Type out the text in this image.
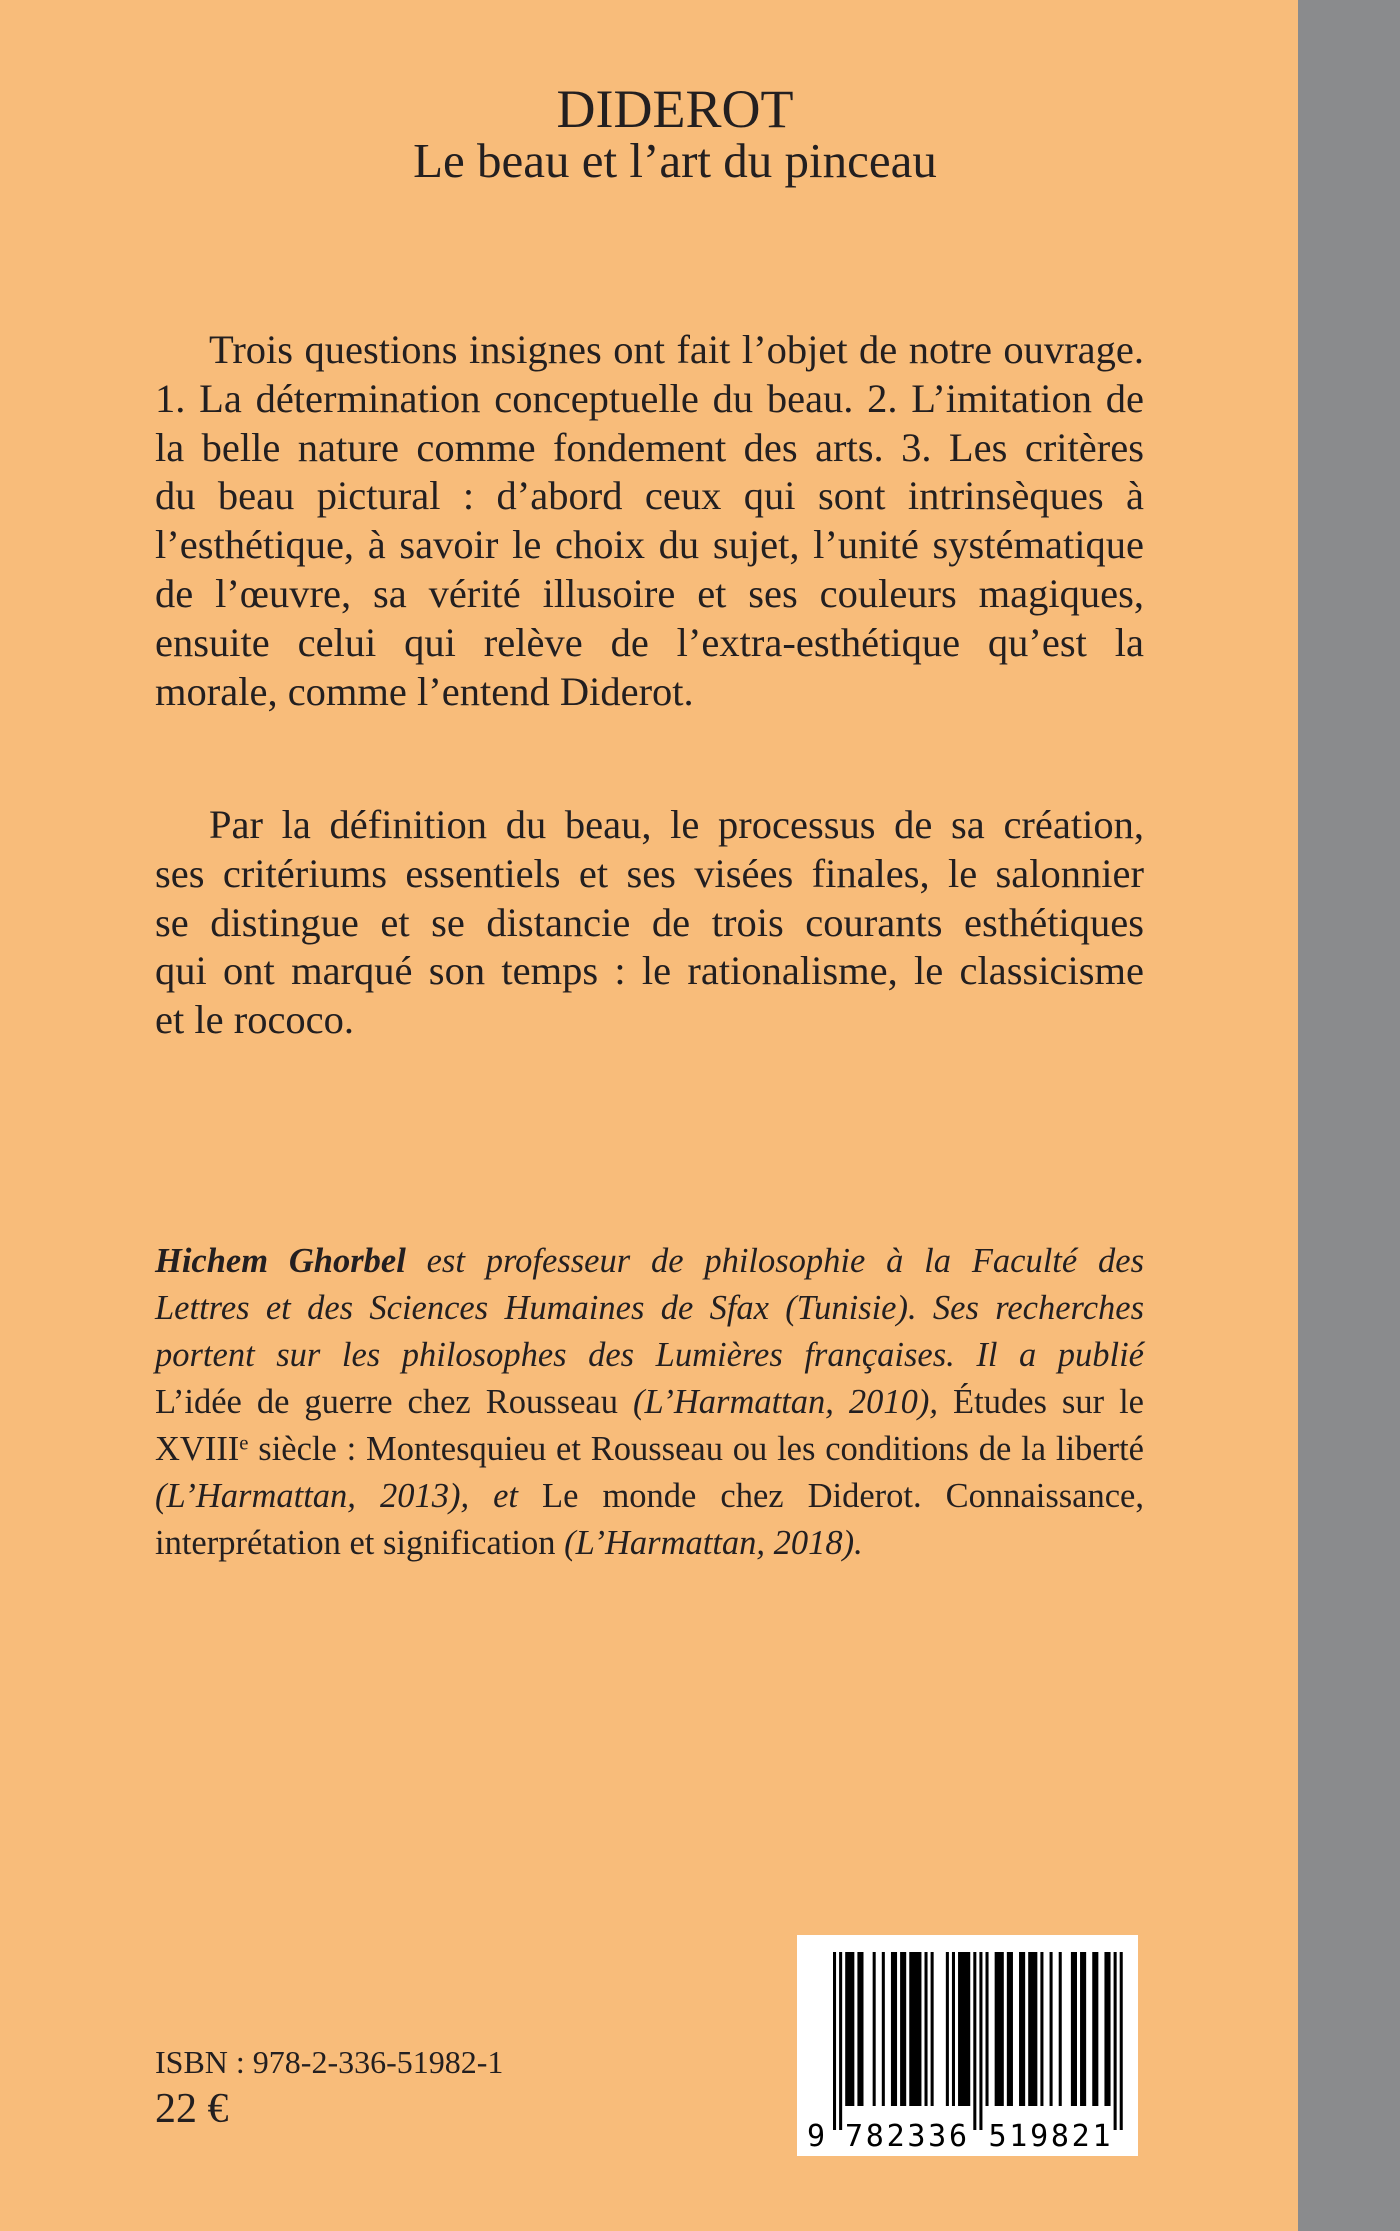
DIDEROT
Le beau et l’art du pinceau
Trois questions insignes ont fait l’objet de notre ouvrage.
1. La détermination conceptuelle du beau. 2. L’imitation de
la belle nature comme fondement des arts. 3. Les critères
du beau pictural : d’abord ceux qui sont intrinsèques à
l’esthétique, à savoir le choix du sujet, l’unité systématique
de l’œuvre, sa vérité illusoire et ses couleurs magiques,
ensuite celui qui relève de l’extra-esthétique qu’est la
morale, comme l’entend Diderot.
Par la définition du beau, le processus de sa création,
ses critériums essentiels et ses visées finales, le salonnier
se distingue et se distancie de trois courants esthétiques
qui ont marqué son temps : le rationalisme, le classicisme
et le rococo.
Hichem Ghorbel est professeur de philosophie à la Faculté des
Lettres et des Sciences Humaines de Sfax (Tunisie). Ses recherches
portent sur les philosophes des Lumières françaises. Il a publié
L’idée de guerre chez Rousseau (L’Harmattan, 2010), Études sur le
XVIIIe siècle : Montesquieu et Rousseau ou les conditions de la liberté
(L’Harmattan, 2013), et Le monde chez Diderot. Connaissance,
interprétation et signification (L’Harmattan, 2018).
ISBN : 978-2-336-51982-1
22 €
9 782336 519821
